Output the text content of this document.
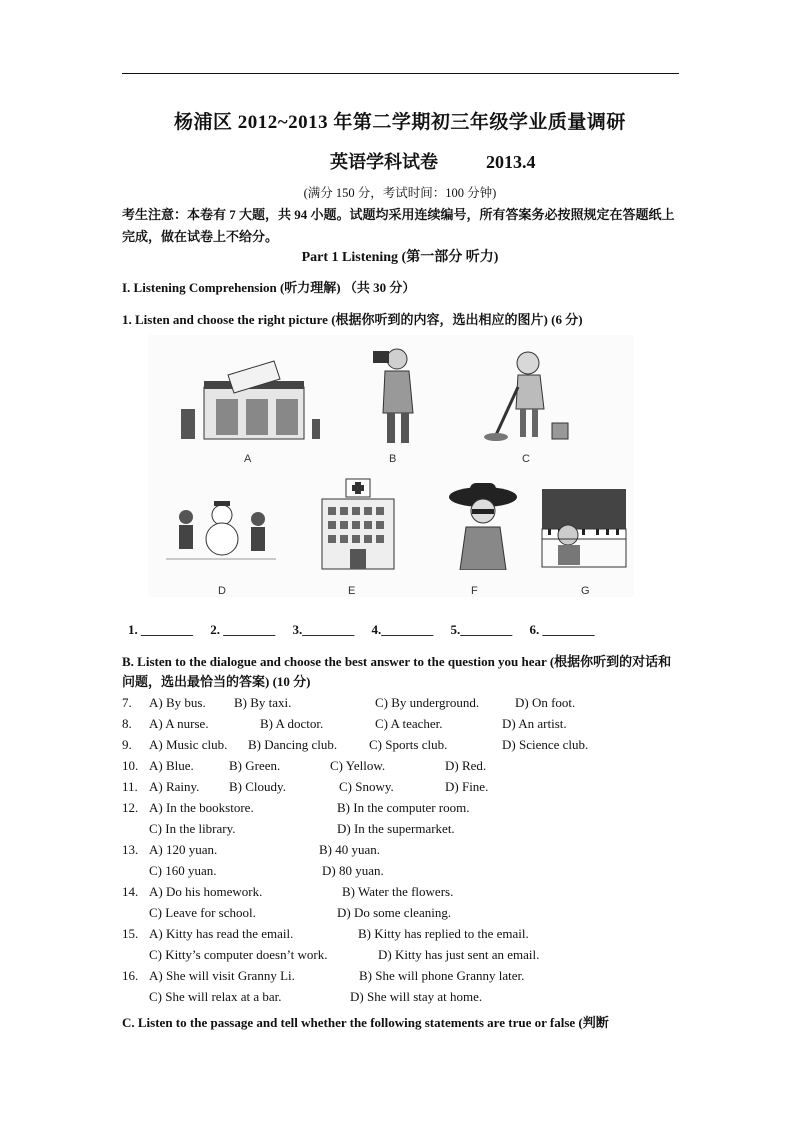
杨浦区 2012~2013 年第二学期初三年级学业质量调研
英语学科试卷	2013.4
(满分 150 分，考试时间：100 分钟)
考生注意：本卷有 7 大题，共 94 小题。试题均采用连续编号，所有答案务必按照规定在答题纸上完成，做在试卷上不给分。
Part 1 Listening (第一部分 听力)
I. Listening Comprehension (听力理解) （共 30 分）
1. Listen and choose the right picture (根据你听到的内容，选出相应的图片) (6 分)
A	B	C
D	E	F	G
1. ________ 2. ________ 3.________ 4.________ 5.________ 6. ________
B. Listen to the dialogue and choose the best answer to the question you hear (根据你听到的对话和问题，选出最恰当的答案) (10 分)
7. A) By bus. B) By taxi.	C) By underground.	D) On foot.
8. A) A nurse.	B) A doctor.	C) A teacher.	D) An artist.
9. A) Music club. B) Dancing club. C) Sports club.	D) Science club.
10. A) Blue.	B) Green.	C) Yellow.	D) Red.
11. A) Rainy. B) Cloudy.	C) Snowy.	D) Fine.
12. A) In the bookstore.	B) In the computer room.
C) In the library.	D) In the supermarket.
13. A) 120 yuan.	B) 40 yuan.
C) 160 yuan.	D) 80 yuan.
14. A) Do his homework.	B) Water the flowers.
C) Leave for school.	D) Do some cleaning.
15. A) Kitty has read the email.	B) Kitty has replied to the email.
C) Kitty’s computer doesn’t work.	D) Kitty has just sent an email.
16. A) She will visit Granny Li.	B) She will phone Granny later.
C) She will relax at a bar.	D) She will stay at home.
C. Listen to the passage and tell whether the following statements are true or false (判断
